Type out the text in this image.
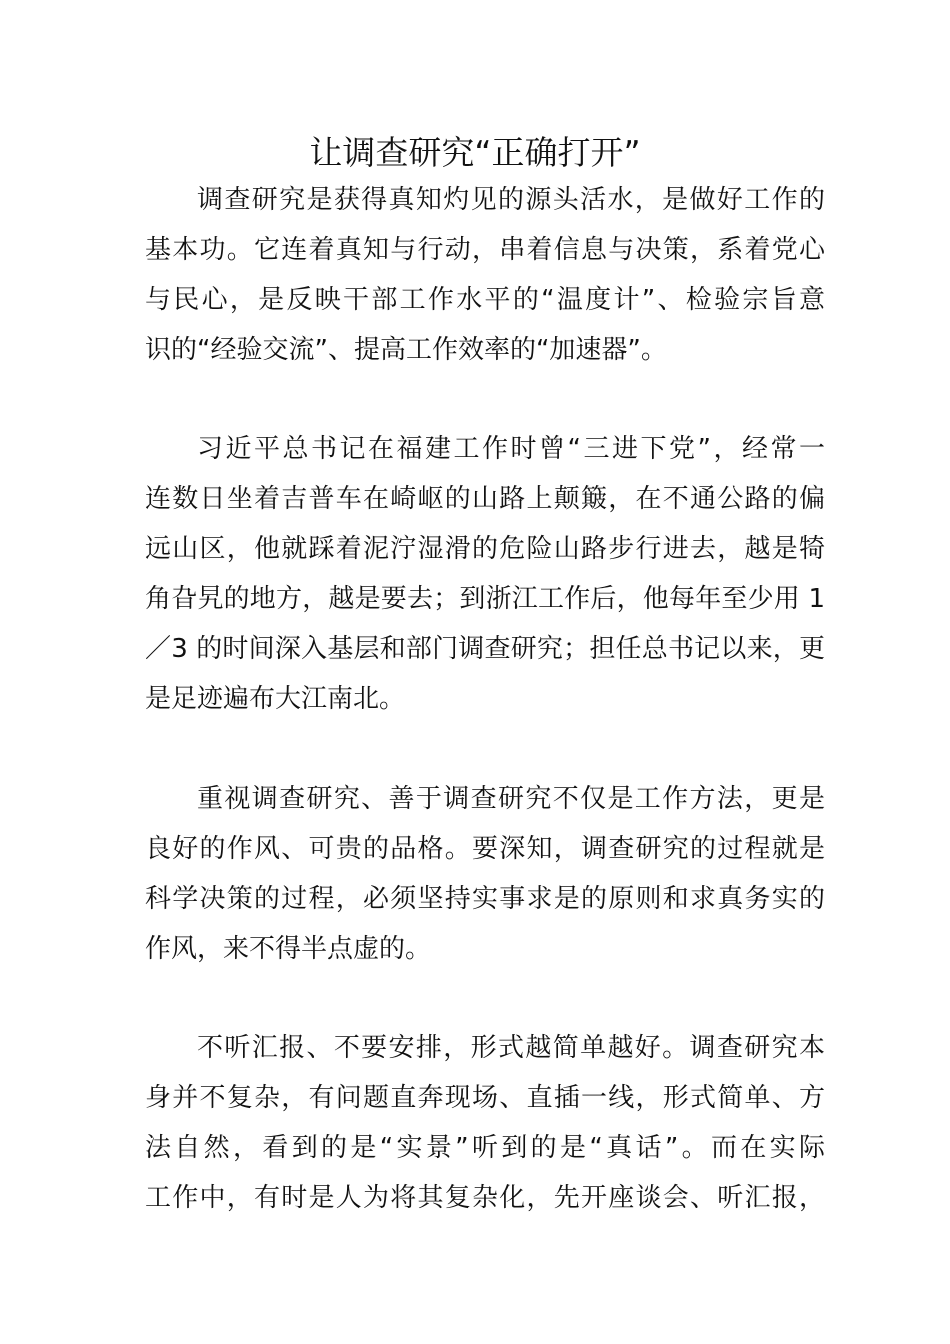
让调查研究“正确打开”
调查研究是获得真知灼见的源头活水，是做好工作的
基本功。它连着真知与行动，串着信息与决策，系着党心
与民心，是反映干部工作水平的“温度计”、检验宗旨意
识的“经验交流”、提高工作效率的“加速器”。
习近平总书记在福建工作时曾“三进下党”，经常一
连数日坐着吉普车在崎岖的山路上颠簸，在不通公路的偏
远山区，他就踩着泥泞湿滑的危险山路步行进去，越是犄
角旮旯的地方，越是要去；到浙江工作后，他每年至少用 1
／3 的时间深入基层和部门调查研究；担任总书记以来，更
是足迹遍布大江南北。
重视调查研究、善于调查研究不仅是工作方法，更是
良好的作风、可贵的品格。要深知，调查研究的过程就是
科学决策的过程，必须坚持实事求是的原则和求真务实的
作风，来不得半点虚的。
不听汇报、不要安排，形式越简单越好。调查研究本
身并不复杂，有问题直奔现场、直插一线，形式简单、方
法自然，看到的是“实景”听到的是“真话”。而在实际
工作中，有时是人为将其复杂化，先开座谈会、听汇报，
